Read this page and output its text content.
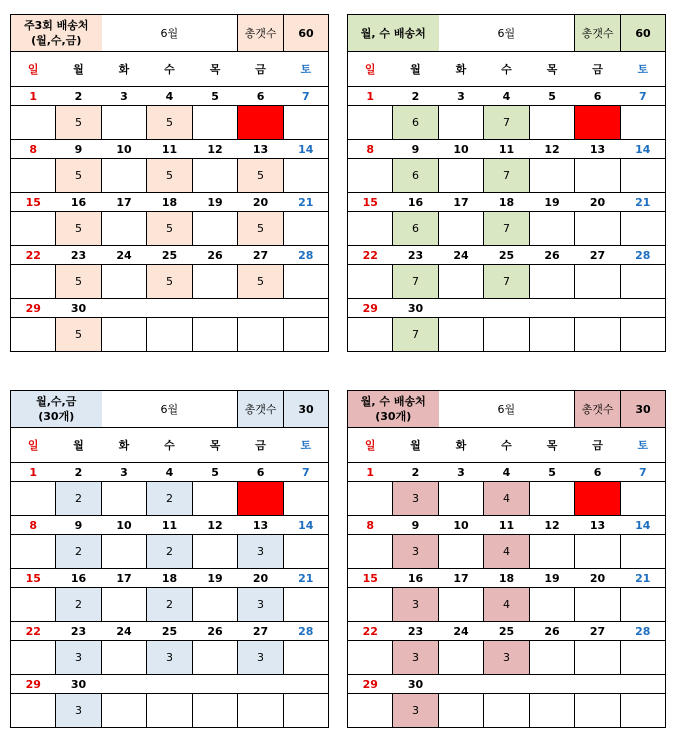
주3회 배송처
(월,수,금)		6월			총갯수	60
일	월	화	수	목	금	토
1	2	3	4	5	6	7
	5		5			
8	9	10	11	12	13	14
	5		5		5	
15	16	17	18	19	20	21
	5		5		5	
22	23	24	25	26	27	28
	5		5		5	
29	30					
	5					
월, 수 배송처		6월			총갯수	60
일	월	화	수	목	금	토
1	2	3	4	5	6	7
	6		7			
8	9	10	11	12	13	14
	6		7			
15	16	17	18	19	20	21
	6		7			
22	23	24	25	26	27	28
	7		7			
29	30					
	7					
월,수,금
(30개)		6월			총갯수	30
일	월	화	수	목	금	토
1	2	3	4	5	6	7
	2		2			
8	9	10	11	12	13	14
	2		2		3	
15	16	17	18	19	20	21
	2		2		3	
22	23	24	25	26	27	28
	3		3		3	
29	30					
	3					
월, 수 배송처
(30개)		6월			총갯수	30
일	월	화	수	목	금	토
1	2	3	4	5	6	7
	3		4			
8	9	10	11	12	13	14
	3		4			
15	16	17	18	19	20	21
	3		4			
22	23	24	25	26	27	28
	3		3			
29	30					
	3					
